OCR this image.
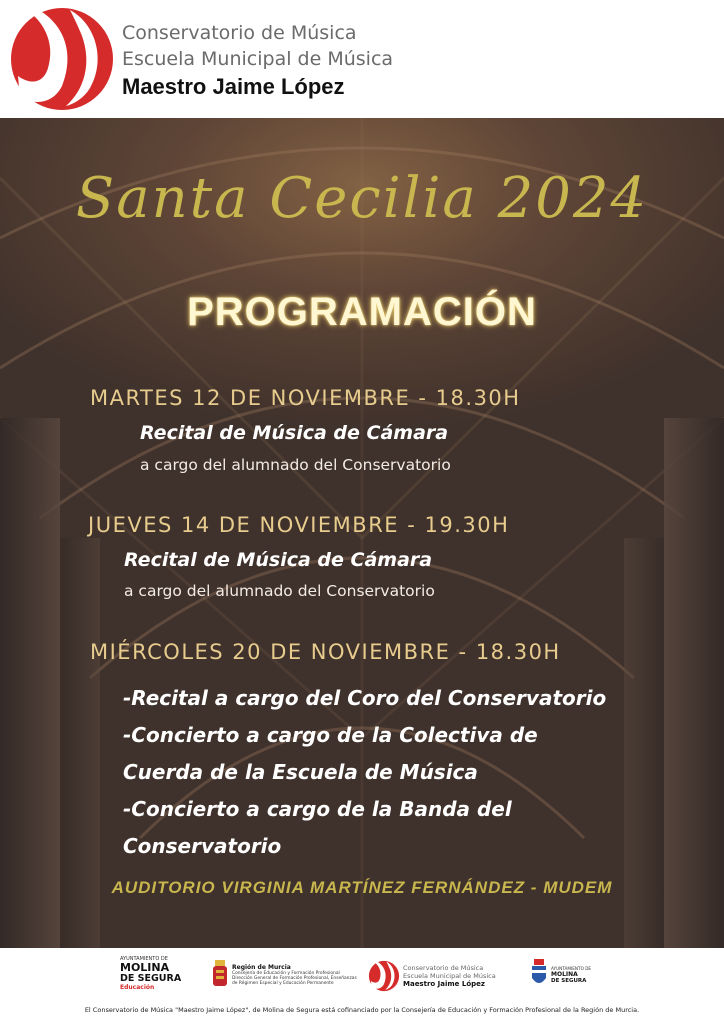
Conservatorio de Música
Escuela Municipal de Música
Maestro Jaime López
Santa Cecilia 2024
PROGRAMACIÓN
MARTES 12 DE NOVIEMBRE - 18.30H
Recital de Música de Cámara
a cargo del alumnado del Conservatorio
JUEVES 14 DE NOVIEMBRE - 19.30H
Recital de Música de Cámara
a cargo del alumnado del Conservatorio
MIÉRCOLES 20 DE NOVIEMBRE - 18.30H
-Recital a cargo del Coro del Conservatorio
-Concierto a cargo de la Colectiva de
Cuerda de la Escuela de Música
-Concierto a cargo de la Banda del
Conservatorio
AUDITORIO VIRGINIA MARTÍNEZ FERNÁNDEZ - MUDEM
AYUNTAMIENTO DE
MOLINA
DE SEGURA
Educación
Región de Murcia
Consejería de Educación y Formación Profesional
Dirección General de Formación Profesional, Enseñanzas
de Régimen Especial y Educación Permanente
Conservatorio de Música
Escuela Municipal de Música
Maestro Jaime López
AYUNTAMIENTO DE
MOLINA
DE SEGURA
El Conservatorio de Música "Maestro Jaime López", de Molina de Segura está cofinanciado por la Consejería de Educación y Formación Profesional de la Región de Murcia.
